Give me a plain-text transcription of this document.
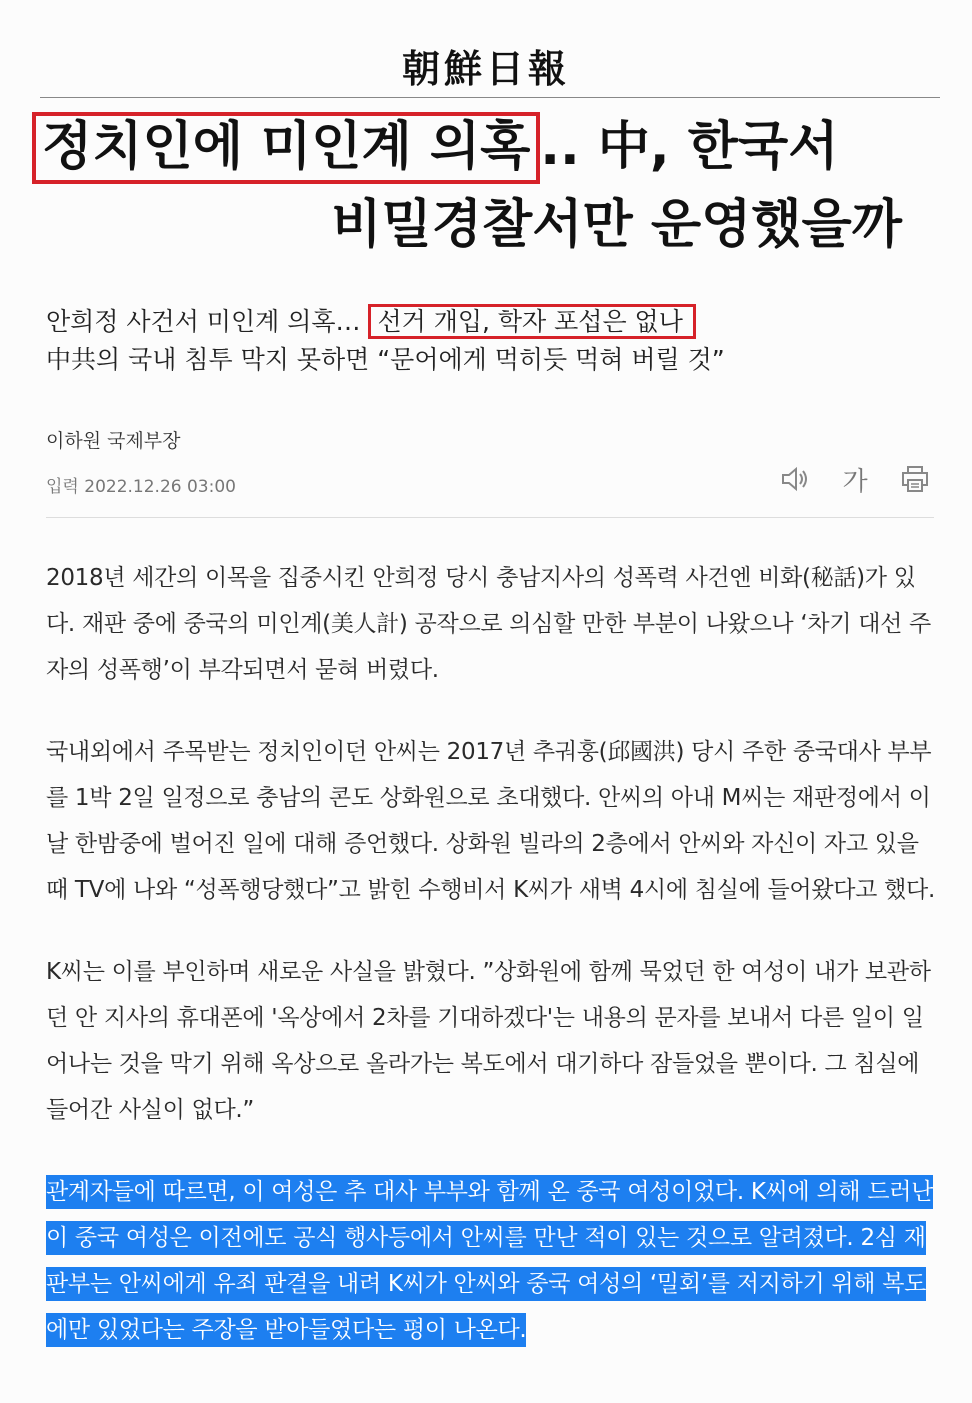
朝鮮日報
정치인에 미인계 의혹 .. 中, 한국서
비밀경찰서만 운영했을까
안희정 사건서 미인계 의혹… 선거 개입, 학자 포섭은 없나
中共의 국내 침투 막지 못하면 “문어에게 먹히듯 먹혀 버릴 것”
이하원 국제부장
입력 2022.12.26 03:00	가

2018년 세간의 이목을 집중시킨 안희정 당시 충남지사의 성폭력 사건엔 비화(秘話)가 있다. 재판 중에 중국의 미인계(美人計) 공작으로 의심할 만한 부분이 나왔으나 ‘차기 대선 주자의 성폭행’이 부각되면서 묻혀 버렸다.

국내외에서 주목받는 정치인이던 안씨는 2017년 추궈훙(邱國洪) 당시 주한 중국대사 부부를 1박 2일 일정으로 충남의 콘도 상화원으로 초대했다. 안씨의 아내 M씨는 재판정에서 이날 한밤중에 벌어진 일에 대해 증언했다. 상화원 빌라의 2층에서 안씨와 자신이 자고 있을 때 TV에 나와 “성폭행당했다”고 밝힌 수행비서 K씨가 새벽 4시에 침실에 들어왔다고 했다.

K씨는 이를 부인하며 새로운 사실을 밝혔다. ”상화원에 함께 묵었던 한 여성이 내가 보관하던 안 지사의 휴대폰에 '옥상에서 2차를 기대하겠다'는 내용의 문자를 보내서 다른 일이 일어나는 것을 막기 위해 옥상으로 올라가는 복도에서 대기하다 잠들었을 뿐이다. 그 침실에 들어간 사실이 없다.”

관계자들에 따르면, 이 여성은 추 대사 부부와 함께 온 중국 여성이었다. K씨에 의해 드러난 이 중국 여성은 이전에도 공식 행사등에서 안씨를 만난 적이 있는 것으로 알려졌다. 2심 재판부는 안씨에게 유죄 판결을 내려 K씨가 안씨와 중국 여성의 ‘밀회’를 저지하기 위해 복도에만 있었다는 주장을 받아들였다는 평이 나온다.
